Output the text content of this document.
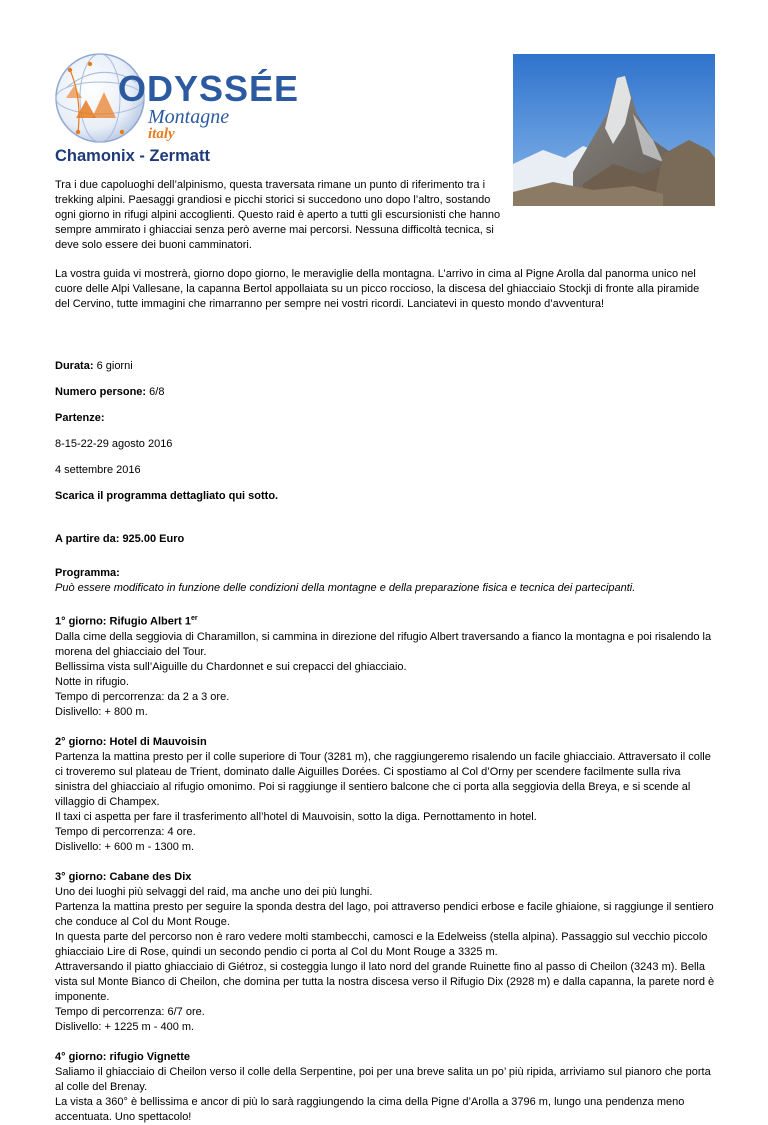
ODYSSÉE
Montagne
italy
Chamonix - Zermatt

Tra i due capoluoghi dell’alpinismo, questa traversata rimane un punto di riferimento tra i trekking alpini. Paesaggi grandiosi e picchi storici si succedono uno dopo l’altro, sostando ogni giorno in rifugi alpini accoglienti. Questo raid è aperto a tutti gli escursionisti che hanno sempre ammirato i ghiacciai senza però averne mai percorsi. Nessuna difficoltà tecnica, si deve solo essere dei buoni camminatori.

La vostra guida vi mostrerà, giorno dopo giorno, le meraviglie della montagna. L’arrivo in cima al Pigne Arolla dal panorma unico nel cuore delle Alpi Vallesane, la capanna Bertol appollaiata su un picco roccioso, la discesa del ghiacciaio Stockji di fronte alla piramide del Cervino, tutte immagini che rimarranno per sempre nei vostri ricordi. Lanciatevi in questo mondo d’avventura!

Durata: 6 giorni

Numero persone: 6/8

Partenze:

8-15-22-29 agosto 2016

4 settembre 2016

Scarica il programma dettagliato qui sotto.

A partire da: 925.00 Euro

Programma:

Può essere modificato in funzione delle condizioni della montagne e della preparazione fisica e tecnica dei partecipanti.

1° giorno: Rifugio Albert 1er

Dalla cime della seggiovia di Charamillon, si cammina in direzione del rifugio Albert traversando a fianco la montagna e poi risalendo la morena del ghiacciaio del Tour.
Bellissima vista sull’Aiguille du Chardonnet e sui crepacci del ghiacciaio.
Notte in rifugio.
Tempo di percorrenza: da 2 a 3 ore.
Dislivello: + 800 m.

2° giorno: Hotel di Mauvoisin

Partenza la mattina presto per il colle superiore di Tour (3281 m), che raggiungeremo risalendo un facile ghiacciaio. Attraversato il colle ci troveremo sul plateau de Trient, dominato dalle Aiguilles Dorées. Ci spostiamo al Col d’Orny per scendere facilmente sulla riva sinistra del ghiacciaio al rifugio omonimo. Poi si raggiunge il sentiero balcone che ci porta alla seggiovia della Breya, e si scende al villaggio di Champex.
Il taxi ci aspetta per fare il trasferimento all’hotel di Mauvoisin, sotto la diga. Pernottamento in hotel.
Tempo di percorrenza: 4 ore.
Dislivello: + 600 m - 1300 m.

3° giorno: Cabane des Dix

Uno dei luoghi più selvaggi del raid, ma anche uno dei più lunghi.
Partenza la mattina presto per seguire la sponda destra del lago, poi attraverso pendici erbose e facile ghiaione, si raggiunge il sentiero che conduce al Col du Mont Rouge.
In questa parte del percorso non è raro vedere molti stambecchi, camosci e la Edelweiss (stella alpina). Passaggio sul vecchio piccolo ghiacciaio Lire di Rose, quindi un secondo pendio ci porta al Col du Mont Rouge a 3325 m.
Attraversando il piatto ghiacciaio di Giétroz, si costeggia lungo il lato nord del grande Ruinette fino al passo di Cheilon (3243 m). Bella vista sul Monte Bianco di Cheilon, che domina per tutta la nostra discesa verso il Rifugio Dix (2928 m) e dalla capanna, la parete nord è imponente.
Tempo di percorrenza: 6/7 ore.
Dislivello: + 1225 m - 400 m.

4° giorno: rifugio Vignette

Saliamo il ghiacciaio di Cheilon verso il colle della Serpentine, poi per una breve salita un po’ più ripida, arriviamo sul pianoro che porta al colle del Brenay.
La vista a 360° è bellissima e ancor di più lo sarà raggiungendo la cima della Pigne d’Arolla a 3796 m, lungo una pendenza meno accentuata. Uno spettacolo!
